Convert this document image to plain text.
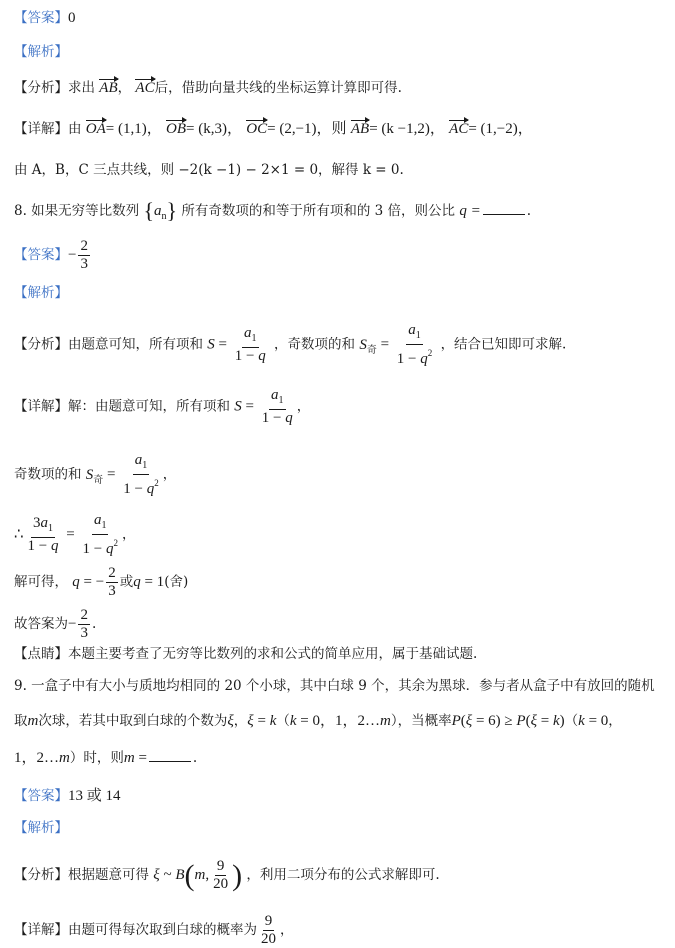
【答案】0
【解析】
【分析】求出 AB， AC后，借助向量共线的坐标运算计算即可得.
【详解】由 OA= (1,1)， OB= (k,3)， OC= (2,−1)，则 AB= (k −1,2)， AC= (1,−2)，
由 A，B，C 三点共线，则 −2(k −1) − 2×1 = 0，解得 k = 0.
8. 如果无穷等比数列 $\{a_n\}$ 所有奇数项的和等于所有项和的 3 倍，则公比 q =	.
【答案】− $\frac{2}{3}$
【解析】
【分析】由题意可知，所有项和 $S = \frac{a_1}{1 - q}$ ，奇数项的和 $S_奇 = \frac{a_1}{1 - q^2}$ ，结合已知即可求解.
【详解】解：由题意可知，所有项和 $S = \frac{a_1}{1 - q}$ ，
奇数项的和 $S_奇 = \frac{a_1}{1 - q^2}$ ，
∴ $\frac{3a_1}{1 - q} = \frac{a_1}{1 - q^2}$ ，
解可得， q = − $\frac{2}{3}$ 或q = 1(舍)
故答案为− $\frac{2}{3}$ .
【点睛】本题主要考查了无穷等比数列的求和公式的简单应用，属于基础试题.
9. 一盒子中有大小与质地均相同的 20 个小球，其中白球 9 个，其余为黑球．参与者从盒子中有放回的随机
取m次球，若其中取到白球的个数为ξ，ξ = k（k = 0，1，2…m），当概率P(ξ = 6) ≥ P(ξ = k)（k = 0，
1，2…m）时，则m =	.
【答案】13 或 14
【解析】
【分析】根据题意可得 ξ ~ B(m, $\frac{9}{20}$ ) ，利用二项分布的公式求解即可.
【详解】由题可得每次取到白球的概率为 $\frac{9}{20}$ ，
